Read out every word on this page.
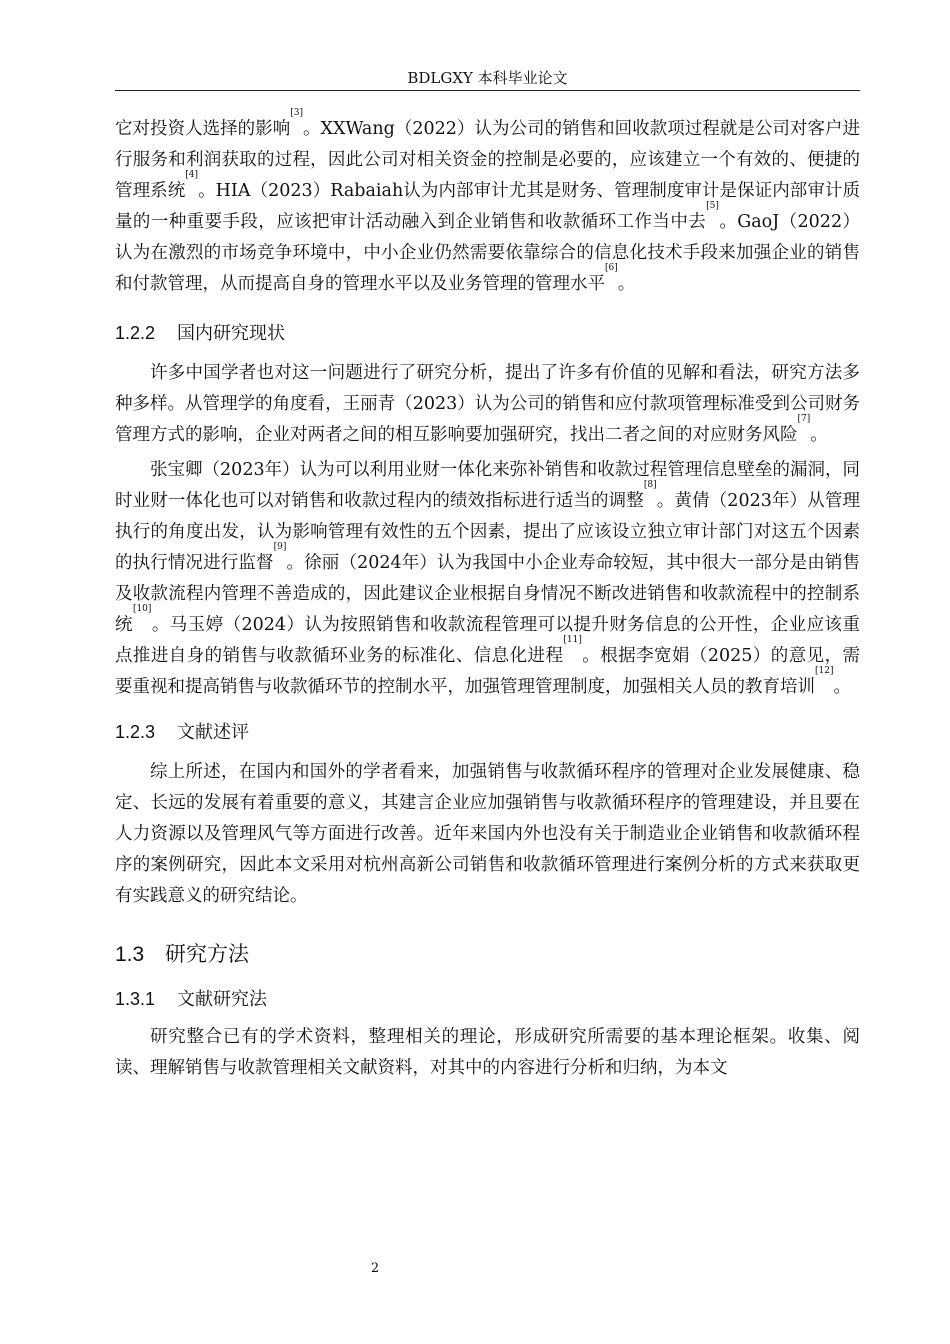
BDLGXY 本科毕业论文

它对投资人选择的影响[3]。XXWang（2022）认为公司的销售和回收款项过程就是公司对客户进行服务和利润获取的过程，因此公司对相关资金的控制是必要的，应该建立一个有效的、便捷的管理系统[4]。HIA（2023）Rabaiah认为内部审计尤其是财务、管理制度审计是保证内部审计质量的一种重要手段，应该把审计活动融入到企业销售和收款循环工作当中去[5]。GaoJ（2022）认为在激烈的市场竞争环境中，中小企业仍然需要依靠综合的信息化技术手段来加强企业的销售和付款管理，从而提高自身的管理水平以及业务管理的管理水平[6]。

1.2.2 国内研究现状

许多中国学者也对这一问题进行了研究分析，提出了许多有价值的见解和看法，研究方法多种多样。从管理学的角度看，王丽青（2023）认为公司的销售和应付款项管理标准受到公司财务管理方式的影响，企业对两者之间的相互影响要加强研究，找出二者之间的对应财务风险[7]。

张宝卿（2023年）认为可以利用业财一体化来弥补销售和收款过程管理信息壁垒的漏洞，同时业财一体化也可以对销售和收款过程内的绩效指标进行适当的调整[8]。黄倩（2023年）从管理执行的角度出发，认为影响管理有效性的五个因素，提出了应该设立独立审计部门对这五个因素的执行情况进行监督[9]。徐丽（2024年）认为我国中小企业寿命较短，其中很大一部分是由销售及收款流程内管理不善造成的，因此建议企业根据自身情况不断改进销售和收款流程中的控制系统[10]。马玉婷（2024）认为按照销售和收款流程管理可以提升财务信息的公开性，企业应该重点推进自身的销售与收款循环业务的标准化、信息化进程[11]。根据李宽娟（2025）的意见，需要重视和提高销售与收款循环节的控制水平，加强管理管理制度，加强相关人员的教育培训[12]。

1.2.3 文献述评

综上所述，在国内和国外的学者看来，加强销售与收款循环程序的管理对企业发展健康、稳定、长远的发展有着重要的意义，其建言企业应加强销售与收款循环程序的管理建设，并且要在人力资源以及管理风气等方面进行改善。近年来国内外也没有关于制造业企业销售和收款循环程序的案例研究，因此本文采用对杭州高新公司销售和收款循环管理进行案例分析的方式来获取更有实践意义的研究结论。

1.3 研究方法
1.3.1 文献研究法

研究整合已有的学术资料，整理相关的理论，形成研究所需要的基本理论框架。收集、阅读、理解销售与收款管理相关文献资料，对其中的内容进行分析和归纳，为本文

2
